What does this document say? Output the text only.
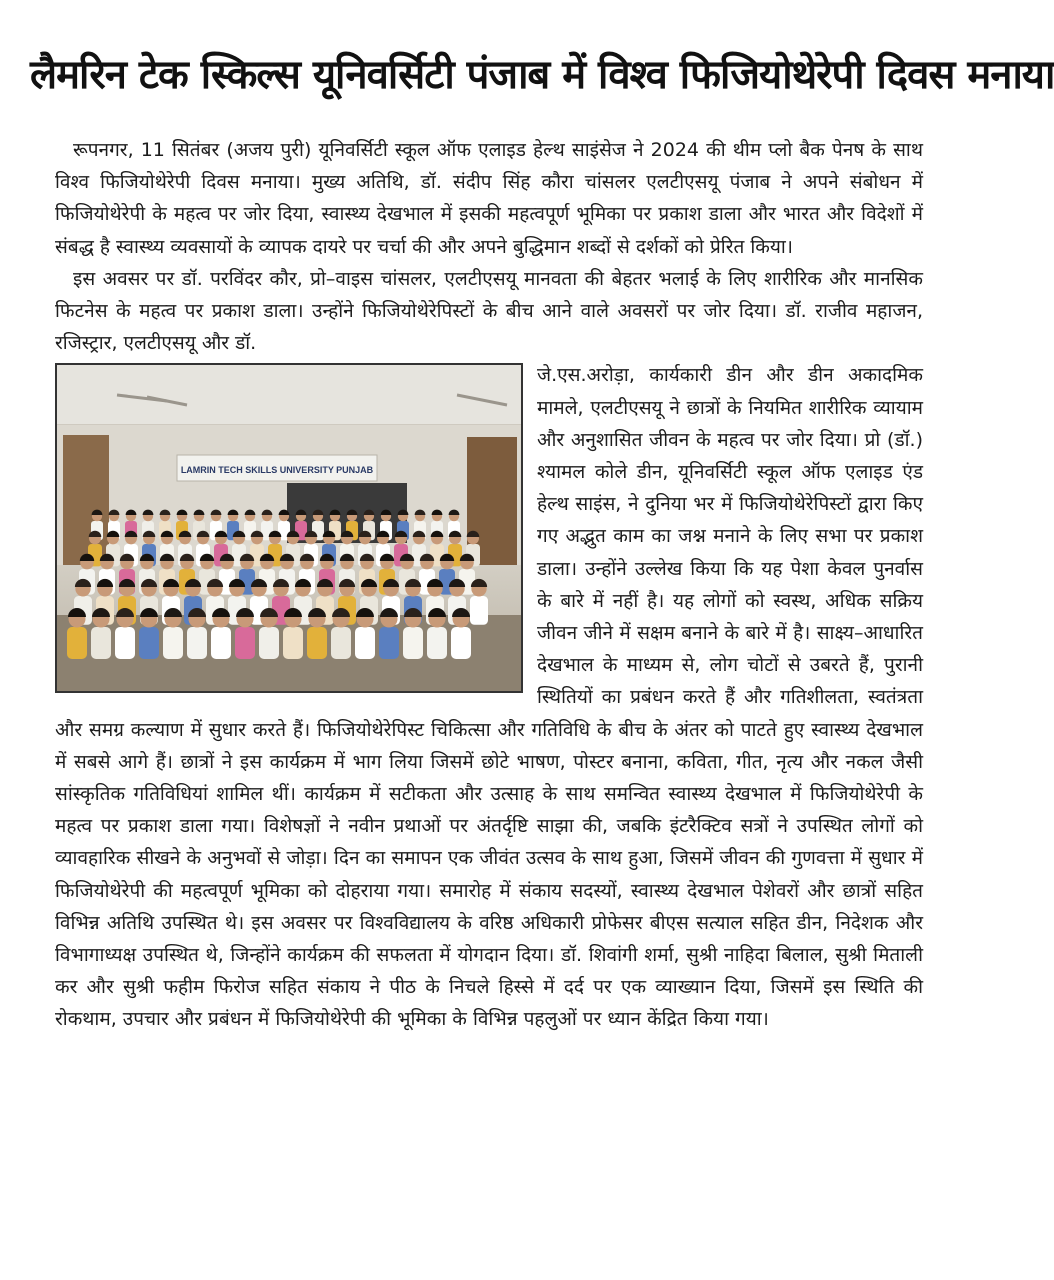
लैमरिन टेक स्किल्स यूनिवर्सिटी पंजाब में विश्व फिजियोथेरेपी दिवस मनाया

रूपनगर, 11 सितंबर (अजय पुरी) यूनिवर्सिटी स्कूल ऑफ एलाइड हेल्थ साइंसेज ने 2024 की थीम प्लो बैक पेनष के साथ विश्व फिजियोथेरेपी दिवस मनाया। मुख्य अतिथि, डॉ. संदीप सिंह कौरा चांसलर एलटीएसयू पंजाब ने अपने संबोधन में फिजियोथेरेपी के महत्व पर जोर दिया, स्वास्थ्य देखभाल में इसकी महत्वपूर्ण भूमिका पर प्रकाश डाला और भारत और विदेशों में संबद्ध है स्वास्थ्य व्यवसायों के व्यापक दायरे पर चर्चा की और अपने बुद्धिमान शब्दों से दर्शकों को प्रेरित किया।

इस अवसर पर डॉ. परविंदर कौर, प्रो–वाइस चांसलर, एलटीएसयू मानवता की बेहतर भलाई के लिए शारीरिक और मानसिक फिटनेस के महत्व पर प्रकाश डाला। उन्होंने फिजियोथेरेपिस्टों के बीच आने वाले अवसरों पर जोर दिया। डॉ. राजीव महाजन, रजिस्ट्रार, एलटीएसयू और डॉ.

LAMRIN TECH SKILLS UNIVERSITY PUNJAB

जे.एस.अरोड़ा, कार्यकारी डीन और डीन अकादमिक मामले, एलटीएसयू ने छात्रों के नियमित शारीरिक व्यायाम और अनुशासित जीवन के महत्व पर जोर दिया। प्रो (डॉ.) श्यामल कोले डीन, यूनिवर्सिटी स्कूल ऑफ एलाइड एंड हेल्थ साइंस, ने दुनिया भर में फिजियोथेरेपिस्टों द्वारा किए गए अद्भुत काम का जश्न मनाने के लिए सभा पर प्रकाश डाला। उन्होंने उल्लेख किया कि यह पेशा केवल पुनर्वास के बारे में नहीं है। यह लोगों को स्वस्थ, अधिक सक्रिय जीवन जीने में सक्षम बनाने के बारे में है। साक्ष्य–आधारित देखभाल के माध्यम से, लोग चोटों से उबरते हैं, पुरानी स्थितियों का प्रबंधन करते हैं और गतिशीलता, स्वतंत्रता और समग्र कल्याण में सुधार करते हैं। फिजियोथेरेपिस्ट चिकित्सा और गतिविधि के बीच के अंतर को पाटते हुए स्वास्थ्य देखभाल में सबसे आगे हैं। छात्रों ने इस कार्यक्रम में भाग लिया जिसमें छोटे भाषण, पोस्टर बनाना, कविता, गीत, नृत्य और नकल जैसी सांस्कृतिक गतिविधियां शामिल थीं। कार्यक्रम में सटीकता और उत्साह के साथ समन्वित स्वास्थ्य देखभाल में फिजियोथेरेपी के महत्व पर प्रकाश डाला गया। विशेषज्ञों ने नवीन प्रथाओं पर अंतर्दृष्टि साझा की, जबकि इंटरैक्टिव सत्रों ने उपस्थित लोगों को व्यावहारिक सीखने के अनुभवों से जोड़ा। दिन का समापन एक जीवंत उत्सव के साथ हुआ, जिसमें जीवन की गुणवत्ता में सुधार में फिजियोथेरेपी की महत्वपूर्ण भूमिका को दोहराया गया। समारोह में संकाय सदस्यों, स्वास्थ्य देखभाल पेशेवरों और छात्रों सहित विभिन्न अतिथि उपस्थित थे। इस अवसर पर विश्वविद्यालय के वरिष्ठ अधिकारी प्रोफेसर बीएस सत्याल सहित डीन, निदेशक और विभागाध्यक्ष उपस्थित थे, जिन्होंने कार्यक्रम की सफलता में योगदान दिया। डॉ. शिवांगी शर्मा, सुश्री नाहिदा बिलाल, सुश्री मिताली कर और सुश्री फहीम फिरोज सहित संकाय ने पीठ के निचले हिस्से में दर्द पर एक व्याख्यान दिया, जिसमें इस स्थिति की रोकथाम, उपचार और प्रबंधन में फिजियोथेरेपी की भूमिका के विभिन्न पहलुओं पर ध्यान केंद्रित किया गया।
